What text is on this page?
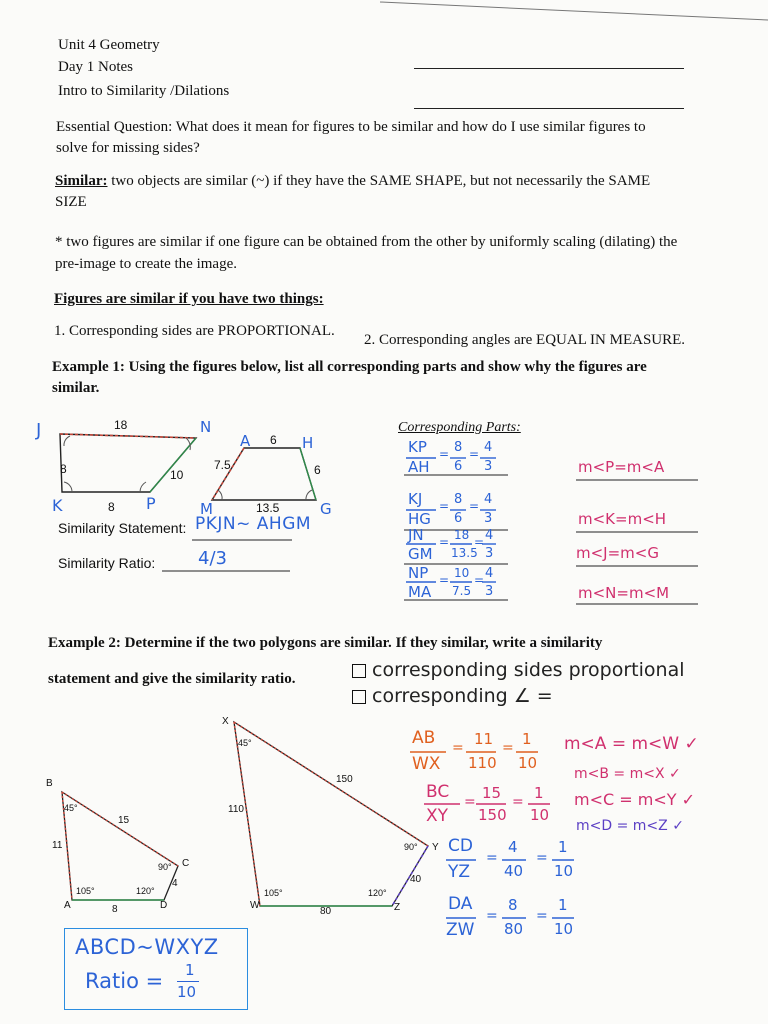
Unit 4 Geometry
Day 1 Notes
Intro to Similarity /Dilations
Essential Question: What does it mean for figures to be similar and how do I use similar figures to
solve for missing sides?
Similar: two objects are similar (~) if they have the SAME SHAPE, but not necessarily the SAME
SIZE
* two figures are similar if one figure can be obtained from the other by uniformly scaling (dilating) the
pre-image to create the image.
Figures are similar if you have two things:
1. Corresponding sides are PROPORTIONAL.
2. Corresponding angles are EQUAL IN MEASURE.
Example 1: Using the figures below, list all corresponding parts and show why the figures are
similar.
J	N
K	P
18
8	10
8
A	H
M	G
6
7.5	6
13.5
Similarity Statement: PKJN~ AHGM
Similarity Ratio: 4/3
Corresponding Parts:
KP
AH
= 8
6
= 4
3
KJ
HG
= 8
6
= 4
3
JN
GM
= 18
13.5
= 4
3
NP
MA
= 10
7.5
= 4
3
m<P=m<A
m<K=m<H
m<J=m<G
m<N=m<M
Example 2: Determine if the two polygons are similar. If they similar, write a similarity
statement and give the similarity ratio.	corresponding sides proportional
corresponding ∠ =
B
C
A	D
15
11
4
8
45°
90°
105°	120°
X
Y
W	Z
150
110
40
80
45°
90°
105°	120°
AB
WX
= 11
110
= 1
10
BC
XY
= 15
150
= 1
10
CD
YZ
=
4
40
=
1
10
DA
ZW
=
8
80
=
1
10
m<A = m<W ✓
m<B = m<X ✓
m<C = m<Y ✓
m<D = m<Z ✓
ABCD~WXYZ
Ratio = 1
10
